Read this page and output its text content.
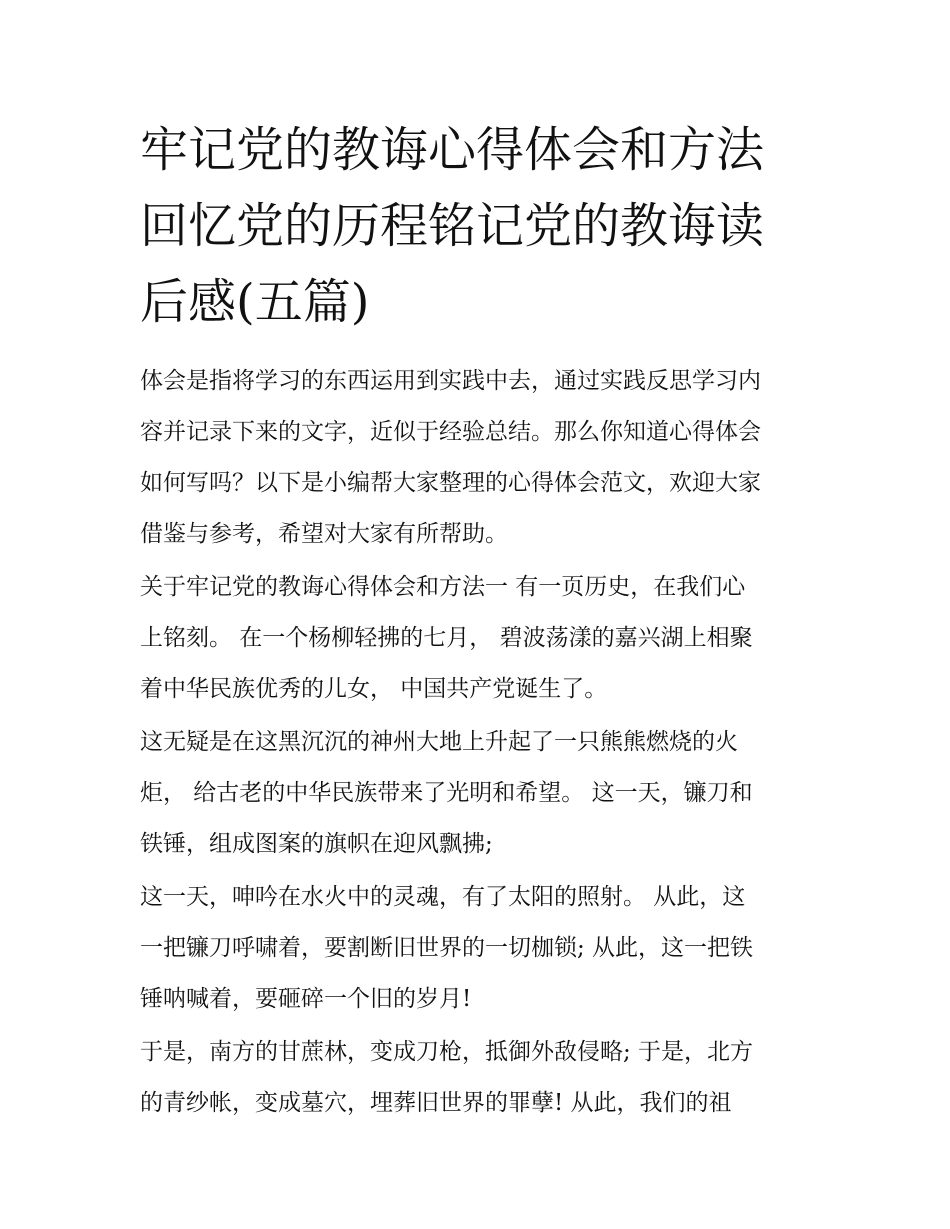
牢记党的教诲心得体会和方法
回忆党的历程铭记党的教诲读
后感(五篇)

体会是指将学习的东西运用到实践中去，通过实践反思学习内
容并记录下来的文字，近似于经验总结。那么你知道心得体会
如何写吗？以下是小编帮大家整理的心得体会范文，欢迎大家
借鉴与参考，希望对大家有所帮助。

关于牢记党的教诲心得体会和方法一 有一页历史，在我们心
上铭刻。 在一个杨柳轻拂的七月， 碧波荡漾的嘉兴湖上相聚
着中华民族优秀的儿女， 中国共产党诞生了。

这无疑是在这黑沉沉的神州大地上升起了一只熊熊燃烧的火
炬， 给古老的中华民族带来了光明和希望。 这一天，镰刀和
铁锤，组成图案的旗帜在迎风飘拂;

这一天，呻吟在水火中的灵魂，有了太阳的照射。 从此，这
一把镰刀呼啸着，要割断旧世界的一切枷锁; 从此，这一把铁
锤呐喊着，要砸碎一个旧的岁月!

于是，南方的甘蔗林，变成刀枪，抵御外敌侵略; 于是，北方
的青纱帐，变成墓穴，埋葬旧世界的罪孽! 从此，我们的祖
